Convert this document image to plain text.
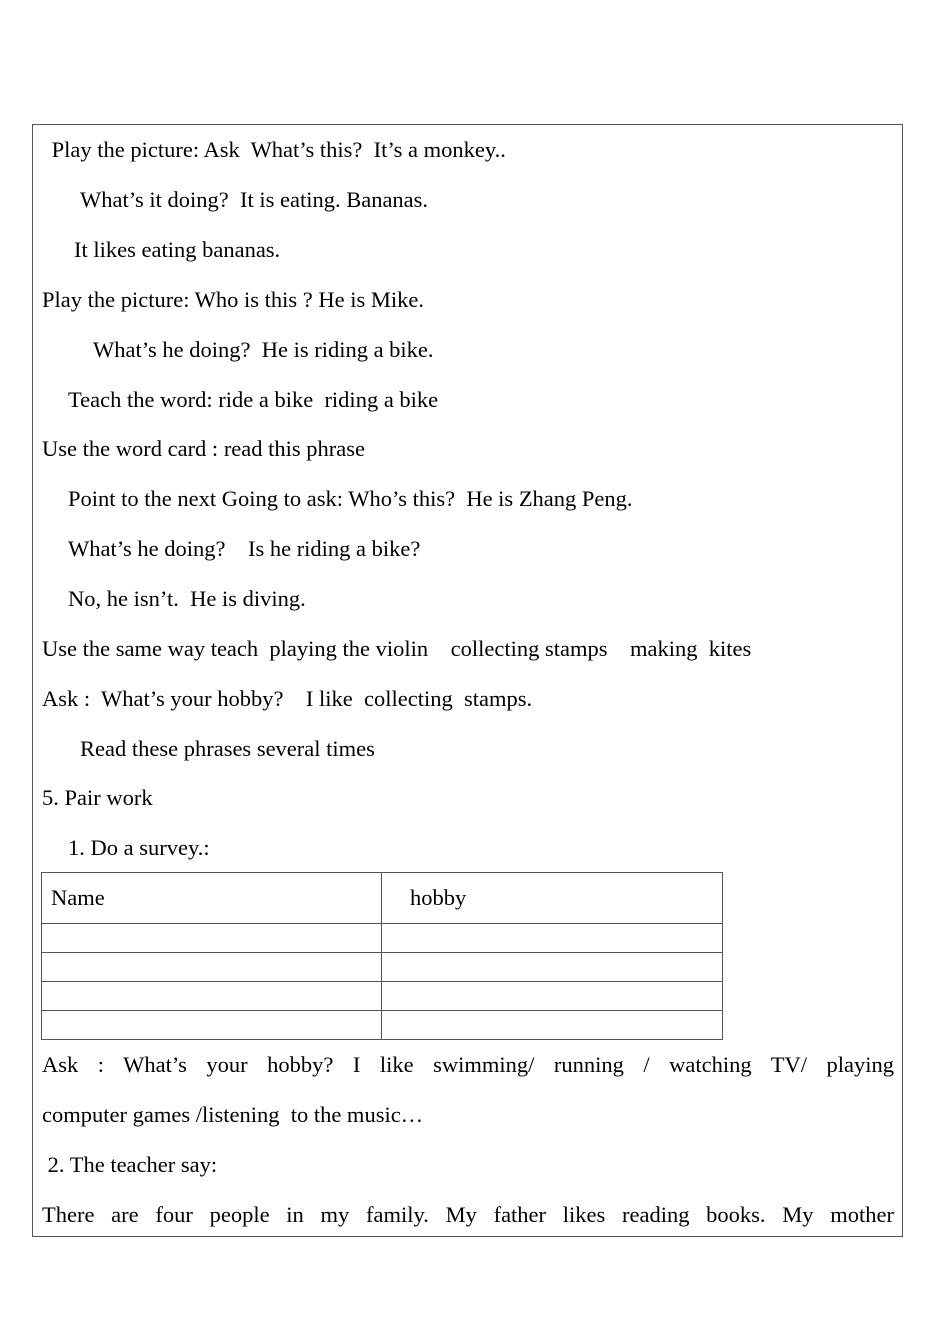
Play the picture: Ask  What’s this?  It’s a monkey..
What’s it doing?  It is eating. Bananas.
It likes eating bananas.
Play the picture: Who is this ? He is Mike.
What’s he doing?  He is riding a bike.
Teach the word: ride a bike  riding a bike
Use the word card : read this phrase
Point to the next Going to ask: Who’s this?  He is Zhang Peng.
What’s he doing?    Is he riding a bike?
No, he isn’t.  He is diving.
Use the same way teach  playing the violin    collecting stamps    making  kites
Ask :  What’s your hobby?    I like  collecting  stamps.
Read these phrases several times
5. Pair work
1. Do a survey.:
Name	hobby

Ask : What’s your hobby? I like swimming/ running / watching TV/ playing
computer games /listening  to the music…
2. The teacher say:
There are four people in my family. My father likes reading books. My mother
